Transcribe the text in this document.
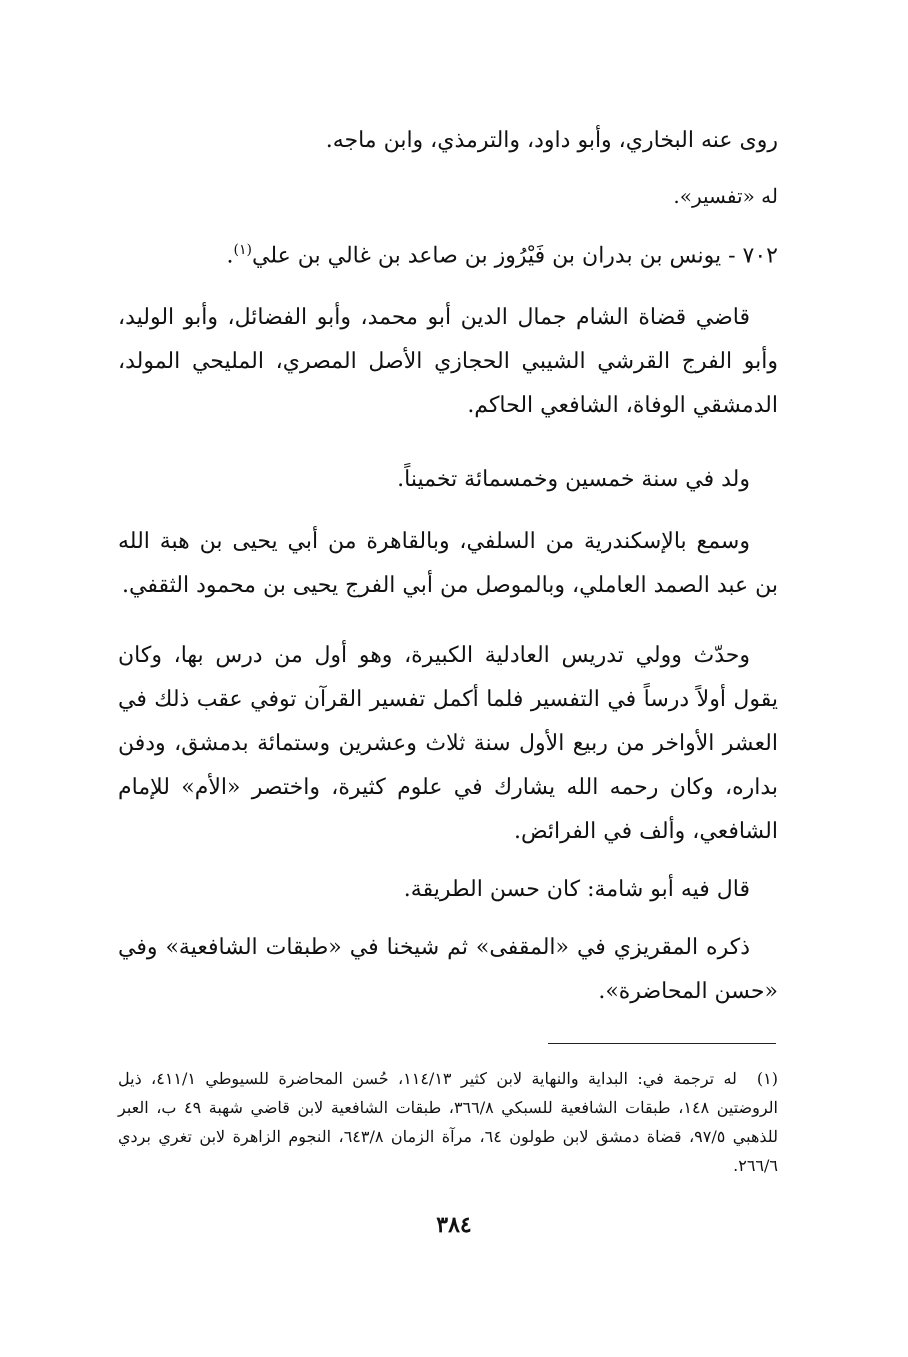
روى عنه البخاري، وأبو داود، والترمذي، وابن ماجه.

له «تفسير».

٧٠٢ - يونس بن بدران بن فَيْرُوز بن صاعد بن غالي بن علي$^{(١)}$.

قاضي قضاة الشام جمال الدين أبو محمد، وأبو الفضائل، وأبو الوليد، وأبو الفرج القرشي الشيبي الحجازي الأصل المصري، المليحي المولد، الدمشقي الوفاة، الشافعي الحاكم.

ولد في سنة خمسين وخمسمائة تخميناً.

وسمع بالإسكندرية من السلفي، وبالقاهرة من أبي يحيى بن هبة الله بن عبد الصمد العاملي، وبالموصل من أبي الفرج يحيى بن محمود الثقفي.

وحدّث وولي تدريس العادلية الكبيرة، وهو أول من درس بها، وكان يقول أولاً درساً في التفسير فلما أكمل تفسير القرآن توفي عقب ذلك في العشر الأواخر من ربيع الأول سنة ثلاث وعشرين وستمائة بدمشق، ودفن بداره، وكان رحمه الله يشارك في علوم كثيرة، واختصر «الأم» للإمام الشافعي، وألف في الفرائض.

قال فيه أبو شامة: كان حسن الطريقة.

ذكره المقريزي في «المقفى» ثم شيخنا في «طبقات الشافعية» وفي «حسن المحاضرة».

(١)له ترجمة في: البداية والنهاية لابن كثير ١١٤/١٣، حُسن المحاضرة للسيوطي ٤١١/١، ذيل الروضتين ١٤٨، طبقات الشافعية للسبكي ٣٦٦/٨، طبقات الشافعية لابن قاضي شهبة ٤٩ ب، العبر للذهبي ٩٧/٥، قضاة دمشق لابن طولون ٦٤، مرآة الزمان ٦٤٣/٨، النجوم الزاهرة لابن تغري بردي ٢٦٦/٦.

٣٨٤
